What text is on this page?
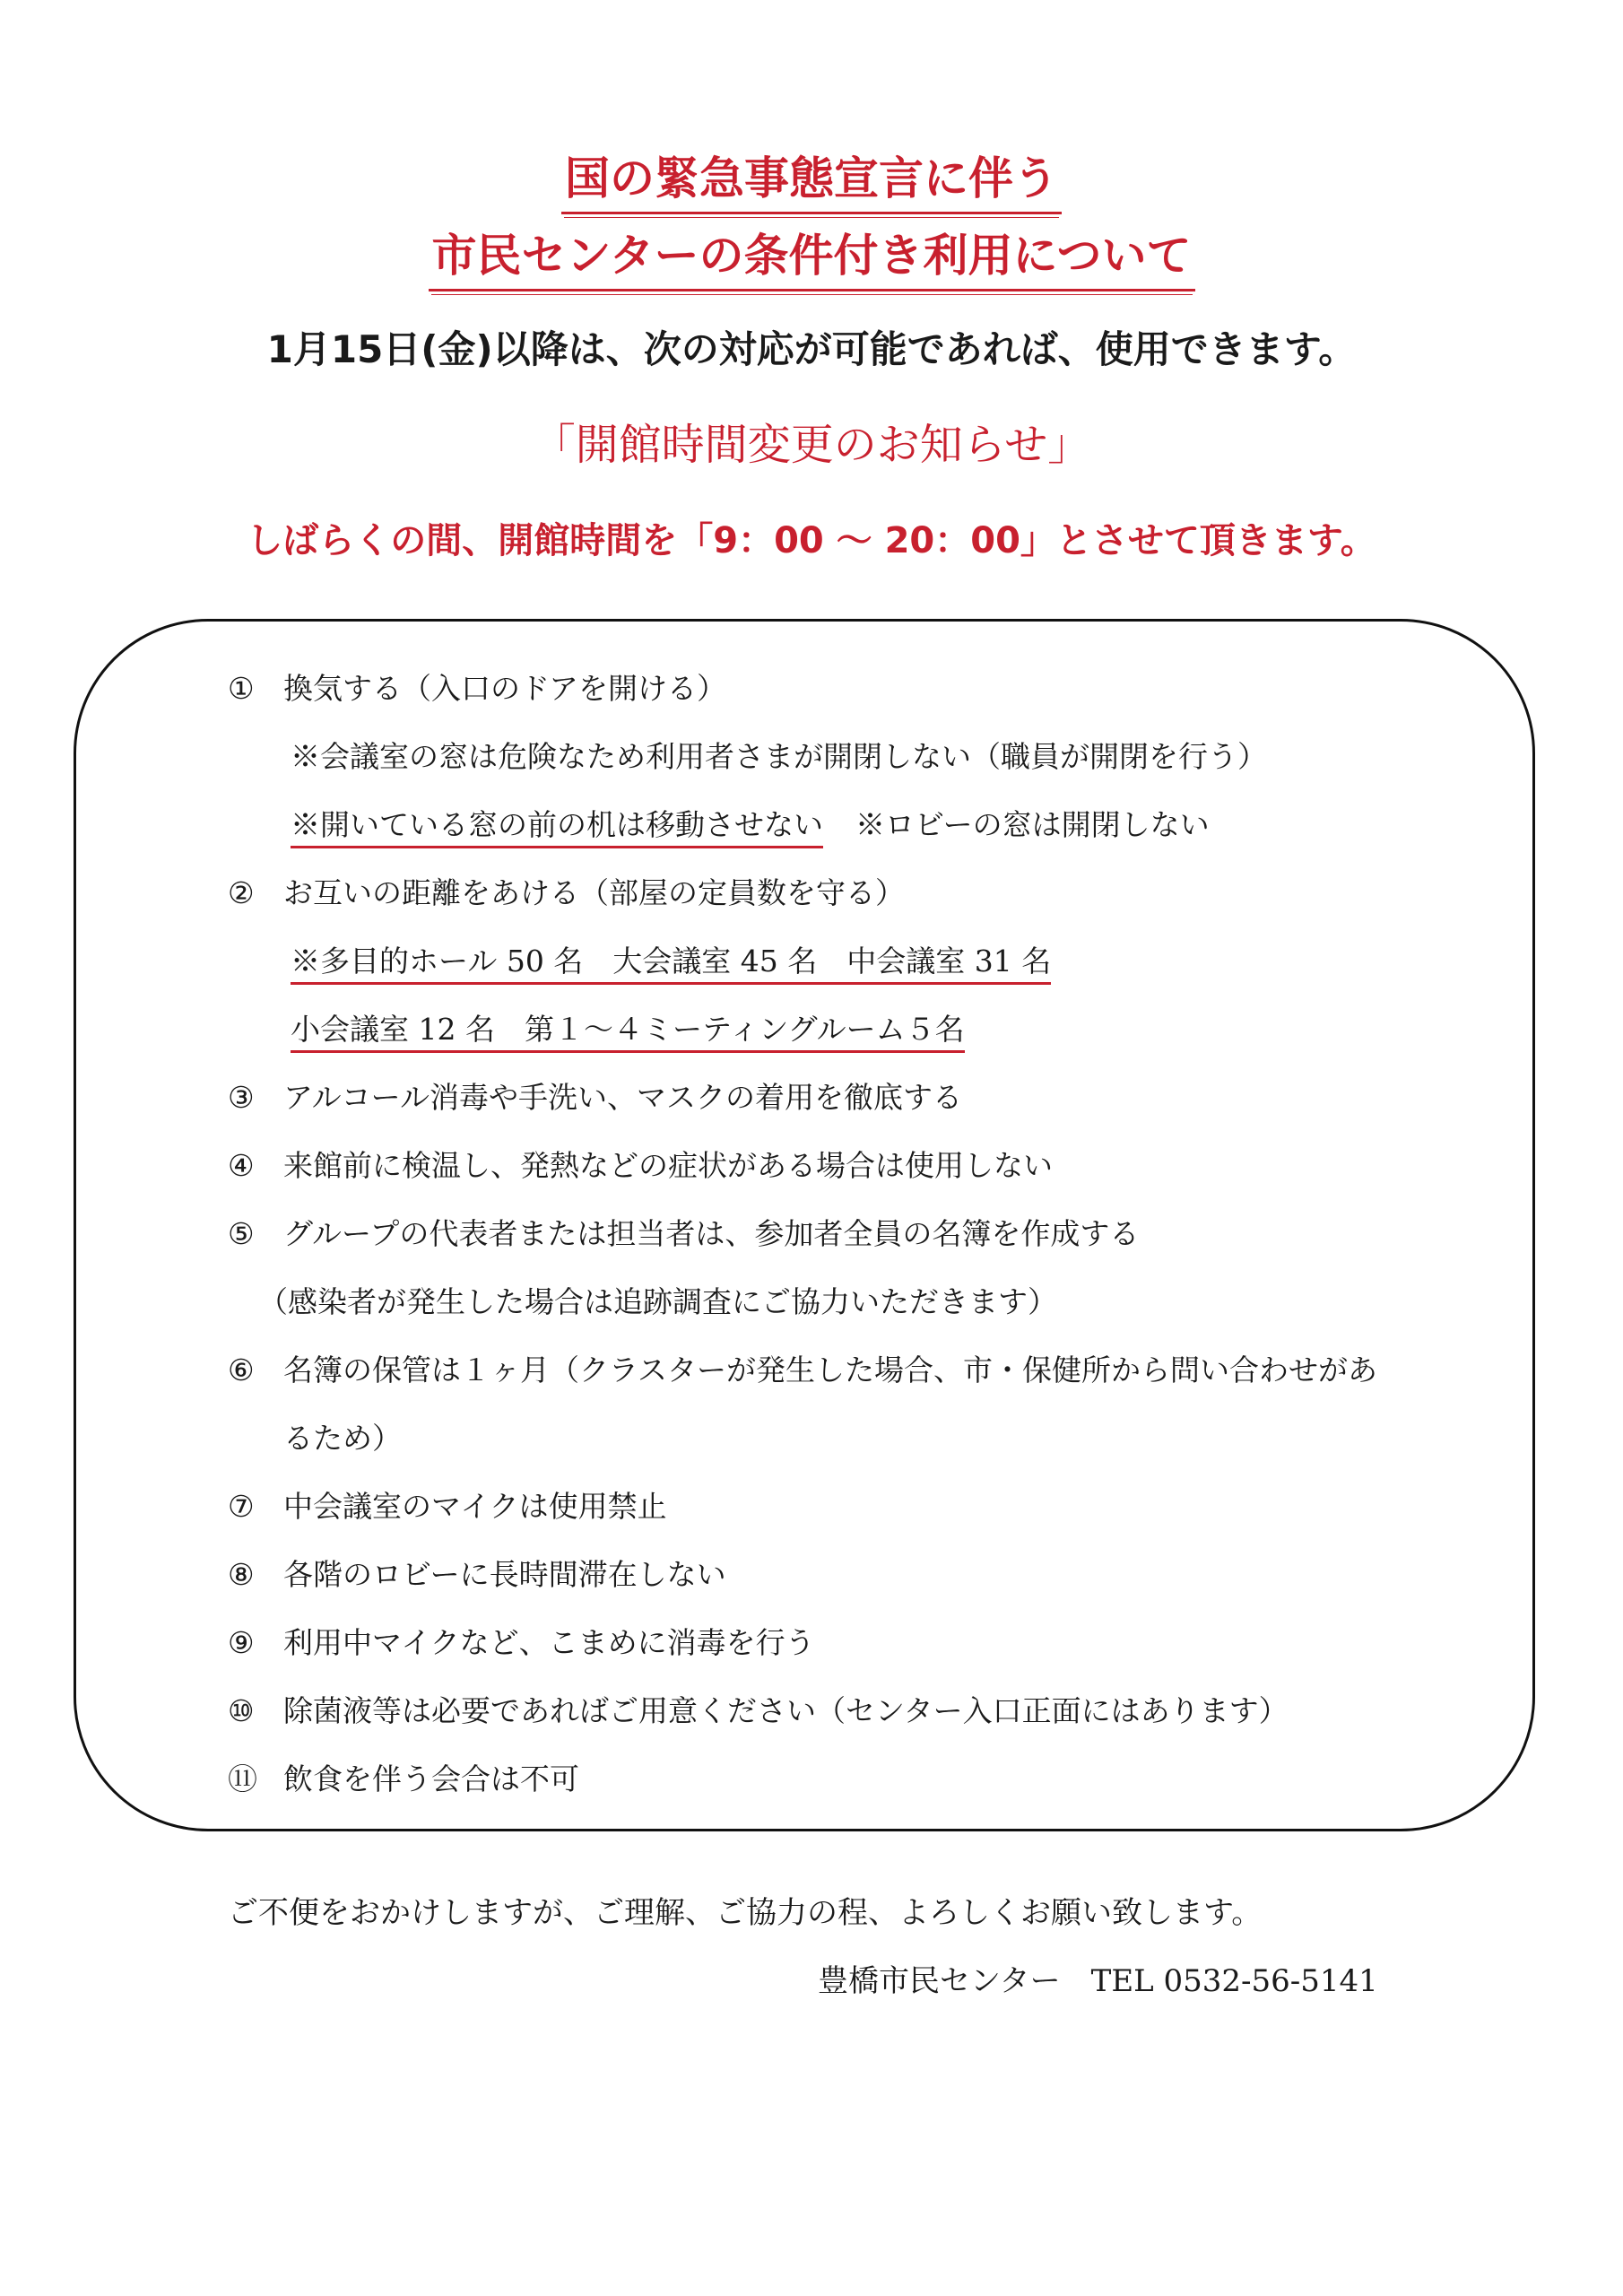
国の緊急事態宣言に伴う
市民センターの条件付き利用について
1月15日(金)以降は、次の対応が可能であれば、使用できます。
「開館時間変更のお知らせ」
しばらくの間、開館時間を「9：00 ～ 20：00」とさせて頂きます。
① 換気する（入口のドアを開ける）
※会議室の窓は危険なため利用者さまが開閉しない（職員が開閉を行う）
※開いている窓の前の机は移動させない ※ロビーの窓は開閉しない
② お互いの距離をあける（部屋の定員数を守る）
※多目的ホール 50 名　大会議室 45 名　中会議室 31 名
小会議室 12 名　第１～４ミーティングルーム５名
③ アルコール消毒や手洗い、マスクの着用を徹底する
④ 来館前に検温し、発熱などの症状がある場合は使用しない
⑤ グループの代表者または担当者は、参加者全員の名簿を作成する
（感染者が発生した場合は追跡調査にご協力いただきます）
⑥ 名簿の保管は１ヶ月（クラスターが発生した場合、市・保健所から問い合わせがあ
るため）
⑦ 中会議室のマイクは使用禁止
⑧ 各階のロビーに長時間滞在しない
⑨ 利用中マイクなど、こまめに消毒を行う
⑩ 除菌液等は必要であればご用意ください（センター入口正面にはあります）
⑪ 飲食を伴う会合は不可
ご不便をおかけしますが、ご理解、ご協力の程、よろしくお願い致します。
豊橋市民センター　TEL 0532-56-5141
